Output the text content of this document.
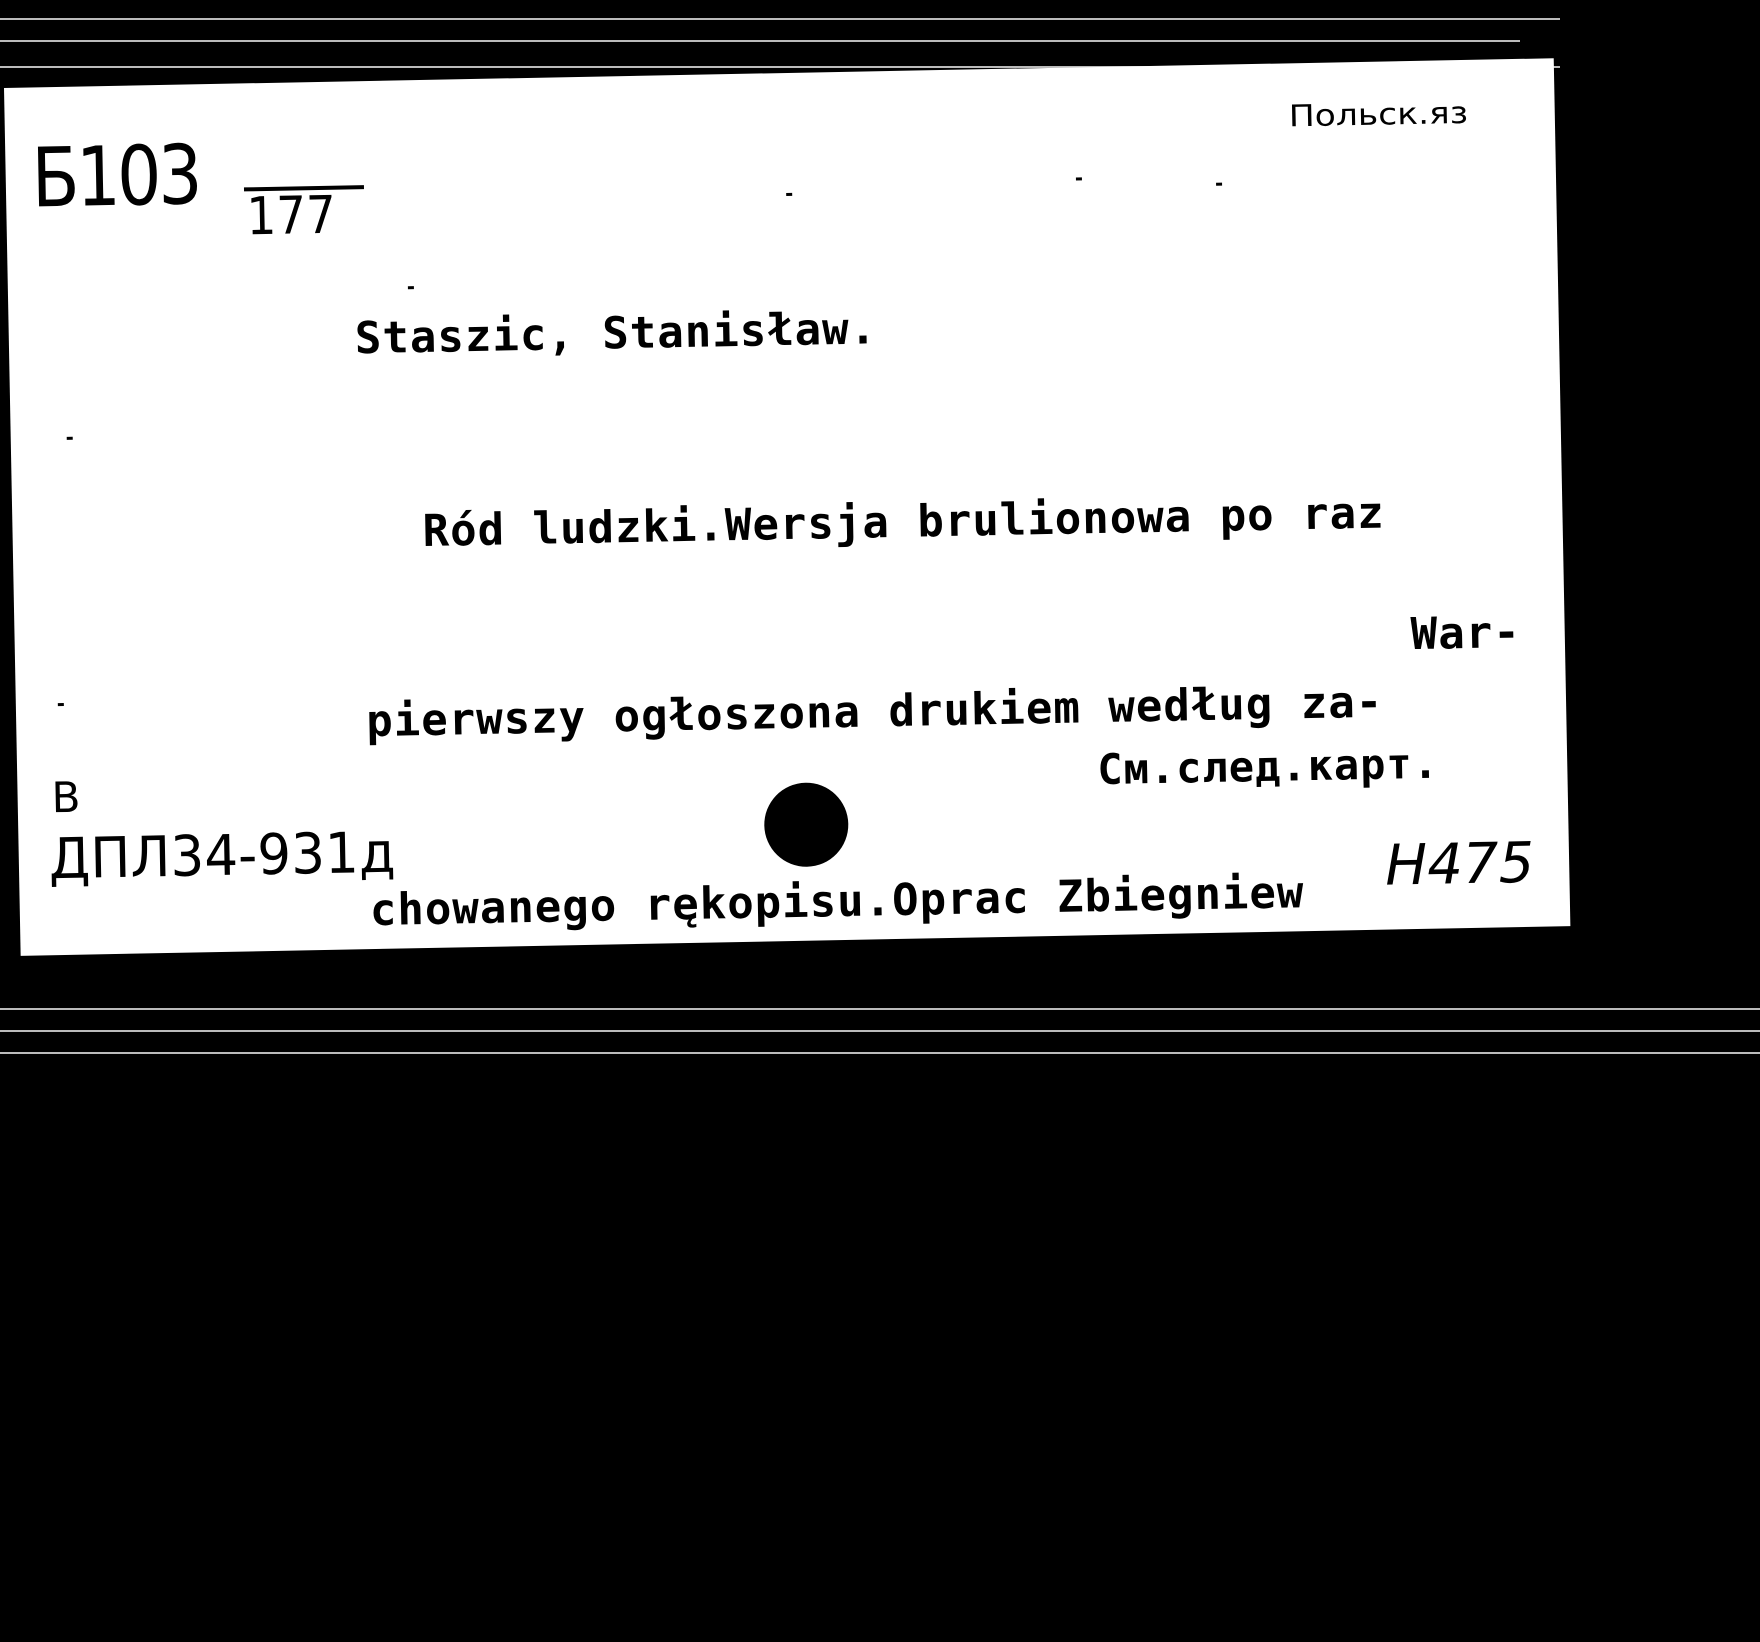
Б103 177
Польск.яз
Staszic, Stanisław.

Ród ludzki.Wersja brulionowa po raz

pierwszy ogłoszona drukiem według za-

chowanego rękopisu.Oprac Zbiegniew

Daszkowski.Przedmowę napisał Bogdan

Suchodolski.T.1-

szawa,Państ.wyd.naukowe,1959.

War-
См.след.карт.
В
ДПЛ34-931д	Н475
